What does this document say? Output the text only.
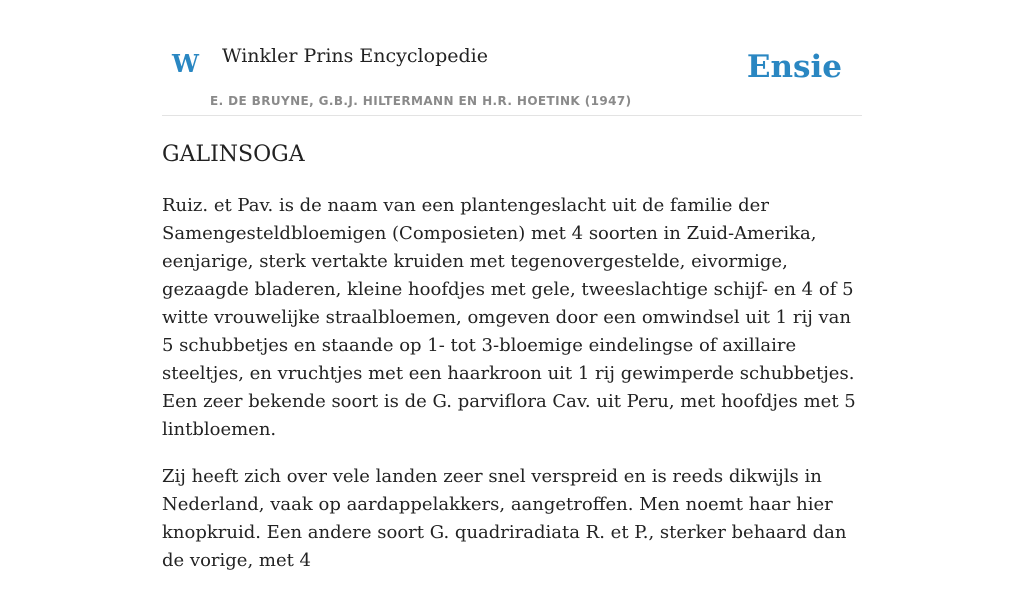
W Winkler Prins Encyclopedie
E. DE BRUYNE, G.B.J. HILTERMANN EN H.R. HOETINK (1947)
Ensie
GALINSOGA

Ruiz. et Pav. is de naam van een plantengeslacht uit de familie der Samengesteldbloemigen (Composieten) met 4 soorten in Zuid-Amerika, eenjarige, sterk vertakte kruiden met tegenovergestelde, eivormige, gezaagde bladeren, kleine hoofdjes met gele, tweeslachtige schijf- en 4 of 5 witte vrouwelijke straalbloemen, omgeven door een omwindsel uit 1 rij van 5 schubbetjes en staande op 1- tot 3-bloemige eindelingse of axillaire steeltjes, en vruchtjes met een haarkroon uit 1 rij gewimperde schubbetjes. Een zeer bekende soort is de G. parviflora Cav. uit Peru, met hoofdjes met 5 lintbloemen.

Zij heeft zich over vele landen zeer snel verspreid en is reeds dikwijls in Nederland, vaak op aardappelakkers, aangetroffen. Men noemt haar hier knopkruid. Een andere soort G. quadriradiata R. et P., sterker behaard dan de vorige, met 4
